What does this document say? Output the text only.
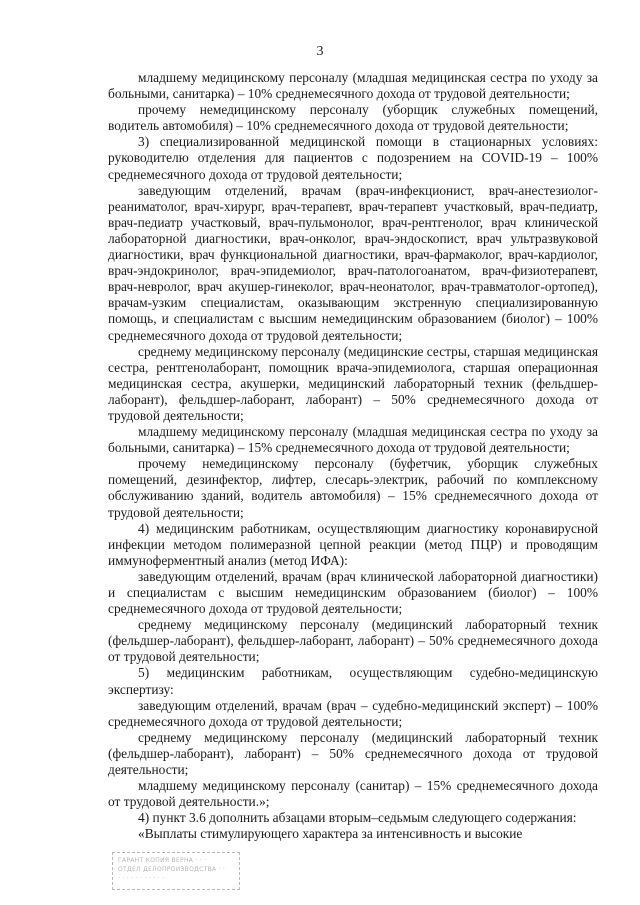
3

младшему медицинскому персоналу (младшая медицинская сестра по уходу за больными, санитарка) – 10% среднемесячного дохода от трудовой деятельности;

прочему немедицинскому персоналу (уборщик служебных помещений, водитель автомобиля) – 10% среднемесячного дохода от трудовой деятельности;

3) специализированной медицинской помощи в стационарных условиях: руководителю отделения для пациентов с подозрением на COVID-19 – 100% среднемесячного дохода от трудовой деятельности;

заведующим отделений, врачам (врач-инфекционист, врач-анестезиолог-реаниматолог, врач-хирург, врач-терапевт, врач-терапевт участковый, врач-педиатр, врач-педиатр участковый, врач-пульмонолог, врач-рентгенолог, врач клинической лабораторной диагностики, врач-онколог, врач-эндоскопист, врач ультразвуковой диагностики, врач функциональной диагностики, врач-фармаколог, врач-кардиолог, врач-эндокринолог, врач-эпидемиолог, врач-патологоанатом, врач-физиотерапевт, врач-невролог, врач акушер-гинеколог, врач-неонатолог, врач-травматолог-ортопед), врачам-узким специалистам, оказывающим экстренную специализированную помощь, и специалистам с высшим немедицинским образованием (биолог) – 100% среднемесячного дохода от трудовой деятельности;

среднему медицинскому персоналу (медицинские сестры, старшая медицинская сестра, рентгенолаборант, помощник врача-эпидемиолога, старшая операционная медицинская сестра, акушерки, медицинский лабораторный техник (фельдшер-лаборант), фельдшер-лаборант, лаборант) – 50% среднемесячного дохода от трудовой деятельности;

младшему медицинскому персоналу (младшая медицинская сестра по уходу за больными, санитарка) – 15% среднемесячного дохода от трудовой деятельности;

прочему немедицинскому персоналу (буфетчик, уборщик служебных помещений, дезинфектор, лифтер, слесарь-электрик, рабочий по комплексному обслуживанию зданий, водитель автомобиля) – 15% среднемесячного дохода от трудовой деятельности;

4) медицинским работникам, осуществляющим диагностику коронавирусной инфекции методом полимеразной цепной реакции (метод ПЦР) и проводящим иммуноферментный анализ (метод ИФА):

заведующим отделений, врачам (врач клинической лабораторной диагностики) и специалистам с высшим немедицинским образованием (биолог) – 100% среднемесячного дохода от трудовой деятельности;

среднему медицинскому персоналу (медицинский лабораторный техник (фельдшер-лаборант), фельдшер-лаборант, лаборант) – 50% среднемесячного дохода от трудовой деятельности;

5) медицинским работникам, осуществляющим судебно-медицинскую экспертизу:

заведующим отделений, врачам (врач – судебно-медицинский эксперт) – 100% среднемесячного дохода от трудовой деятельности;

среднему медицинскому персоналу (медицинский лабораторный техник (фельдшер-лаборант), лаборант) – 50% среднемесячного дохода от трудовой деятельности;

младшему медицинскому персоналу (санитар) – 15% среднемесячного дохода от трудовой деятельности.»;

4) пункт 3.6 дополнить абзацами вторым–седьмым следующего содержания:

«Выплаты стимулирующего характера за интенсивность и высокие

ГАРАНТ КОПИЯ ВЕРНА · · ·
ОТДЕЛ ДЕЛОПРОИЗВОДСТВА · ·
· · · · · · · · · · ·
